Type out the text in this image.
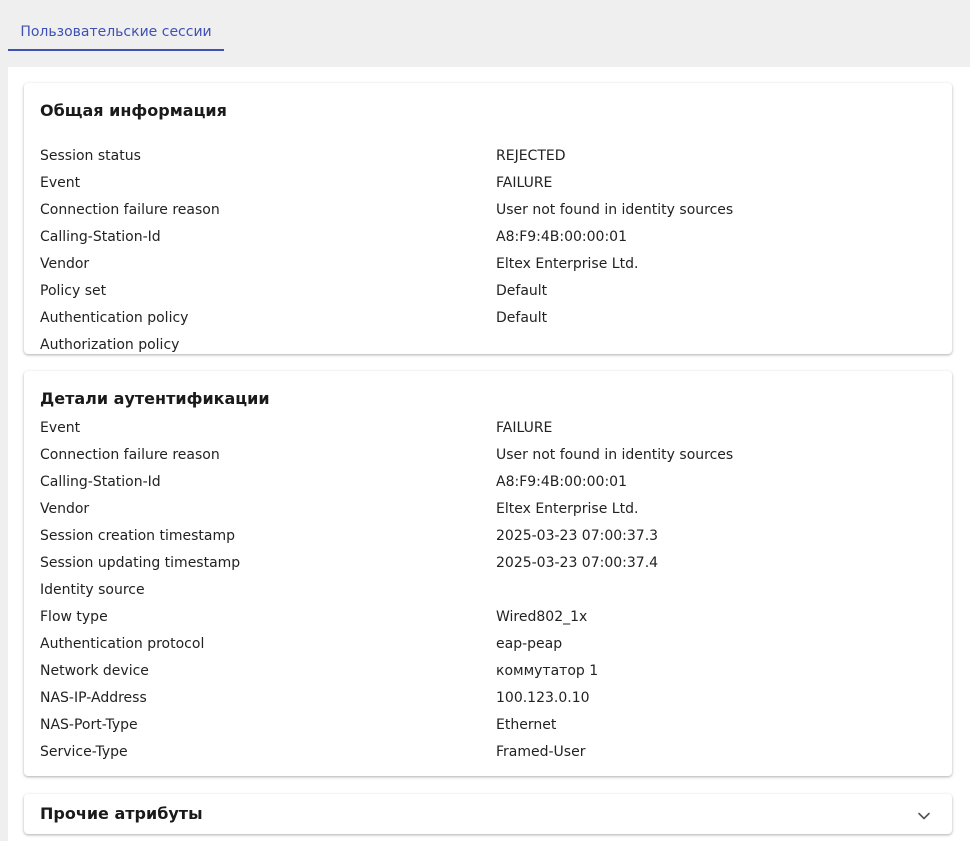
Пользовательские сессии
Общая информация
Session status	REJECTED
Event	FAILURE
Connection failure reason	User not found in identity sources
Calling-Station-Id	A8:F9:4B:00:00:01
Vendor	Eltex Enterprise Ltd.
Policy set	Default
Authentication policy	Default
Authorization policy
Детали аутентификации
Event	FAILURE
Connection failure reason	User not found in identity sources
Calling-Station-Id	A8:F9:4B:00:00:01
Vendor	Eltex Enterprise Ltd.
Session creation timestamp	2025-03-23 07:00:37.3
Session updating timestamp	2025-03-23 07:00:37.4
Identity source
Flow type	Wired802_1x
Authentication protocol	eap-peap
Network device	коммутатор 1
NAS-IP-Address	100.123.0.10
NAS-Port-Type	Ethernet
Service-Type	Framed-User
Прочие атрибуты
